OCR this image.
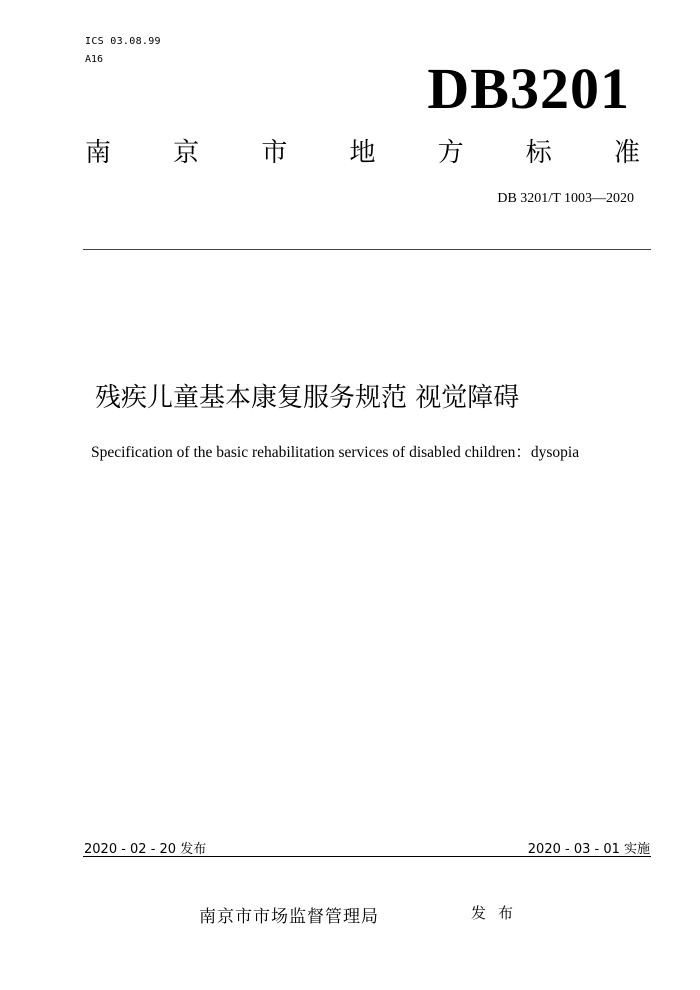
ICS 03.08.99
A16	DB3201
南 京 市 地 方 标 准
DB 3201/T 1003—2020
残疾儿童基本康复服务规范 视觉障碍
Specification of the basic rehabilitation services of disabled children：dysopia
2020 - 02 - 20 发布	2020 - 03 - 01 实施
南京市市场监督管理局	发布
